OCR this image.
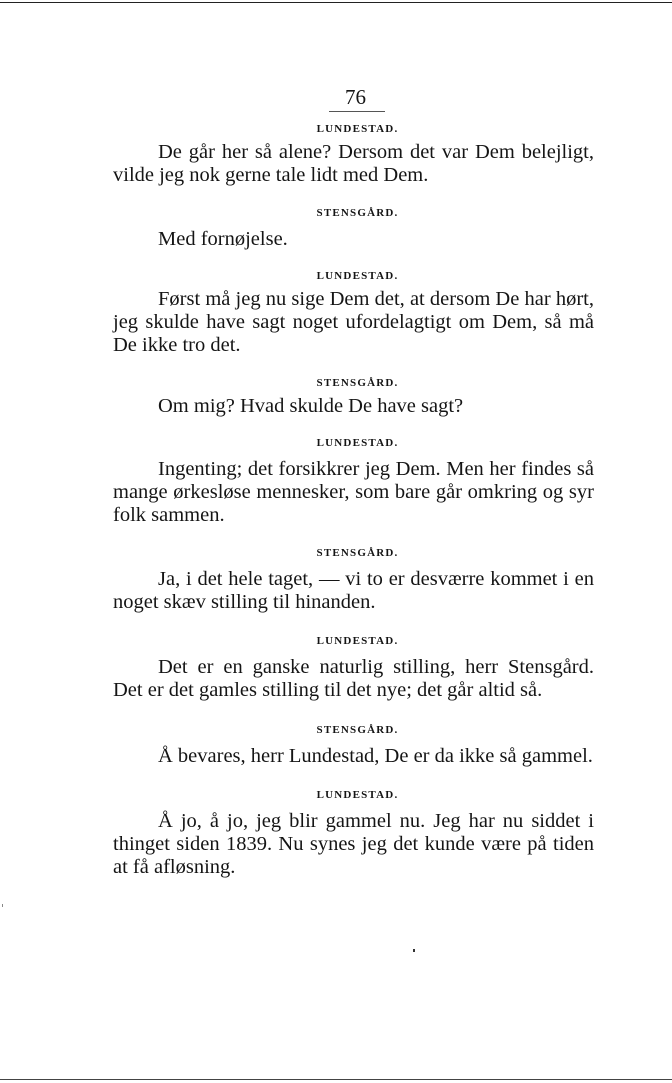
76

LUNDESTAD.

De går her så alene? Dersom det var Dem belejligt, vilde jeg nok gerne tale lidt med Dem.

STENSGÅRD.

Med fornøjelse.

LUNDESTAD.

Først må jeg nu sige Dem det, at dersom De har hørt, jeg skulde have sagt noget ufordelagtigt om Dem, så må De ikke tro det.

STENSGÅRD.

Om mig? Hvad skulde De have sagt?

LUNDESTAD.

Ingenting; det forsikkrer jeg Dem. Men her findes så mange ørkesløse mennesker, som bare går omkring og syr folk sammen.

STENSGÅRD.

Ja, i det hele taget, — vi to er desværre kommet i en noget skæv stilling til hinanden.

LUNDESTAD.

Det er en ganske naturlig stilling, herr Stensgård. Det er det gamles stilling til det nye; det går altid så.

STENSGÅRD.

Å bevares, herr Lundestad, De er da ikke så gammel.

LUNDESTAD.

Å jo, å jo, jeg blir gammel nu. Jeg har nu siddet i thinget siden 1839. Nu synes jeg det kunde være på tiden at få afløsning.
